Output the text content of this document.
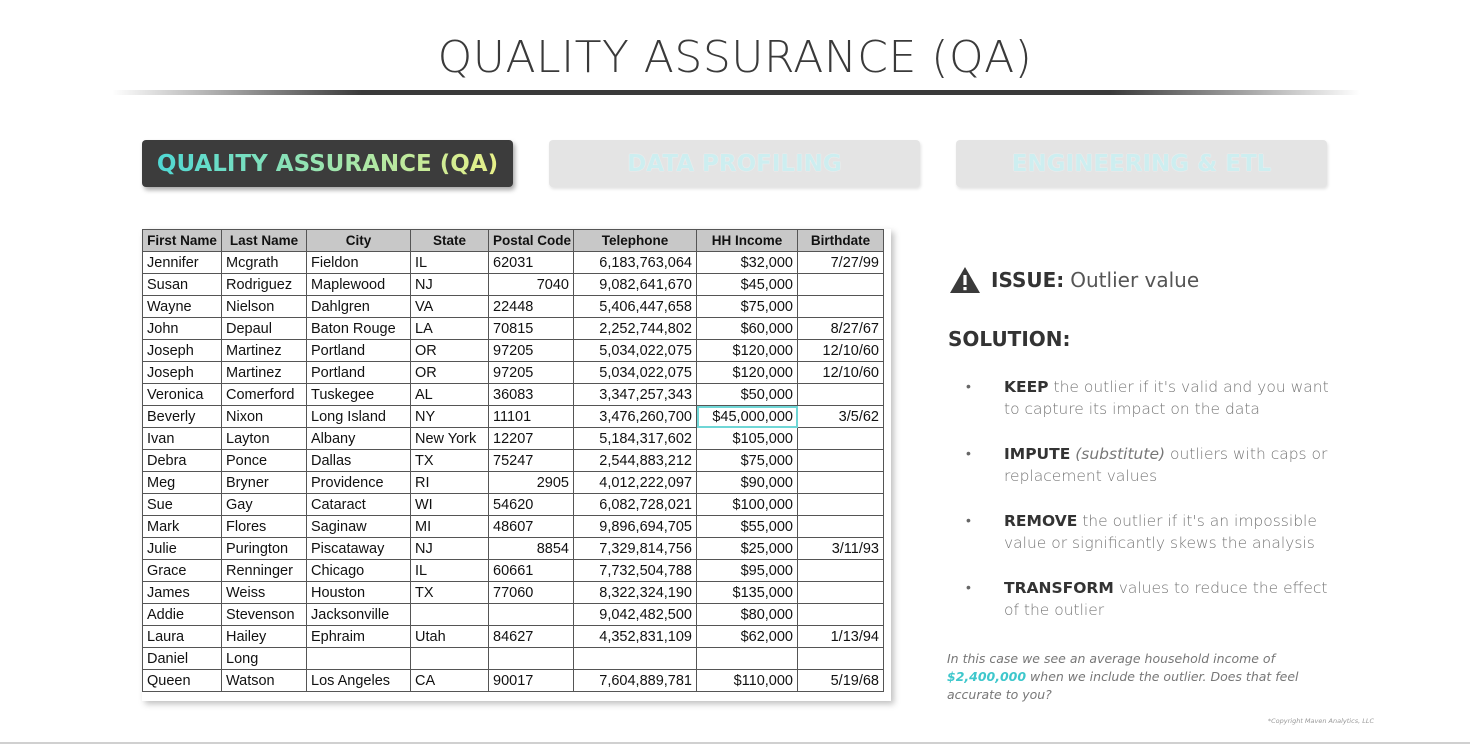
QUALITY ASSURANCE (QA)
QUALITY ASSURANCE (QA)	DATA PROFILING	ENGINEERING & ETL
First Name	Last Name	City	State	Postal Code	Telephone	HH Income	Birthdate
Jennifer	Mcgrath	Fieldon	IL	62031	6,183,763,064	$32,000	7/27/99
Susan	Rodriguez	Maplewood	NJ	7040	9,082,641,670	$45,000	
Wayne	Nielson	Dahlgren	VA	22448	5,406,447,658	$75,000	
John	Depaul	Baton Rouge	LA	70815	2,252,744,802	$60,000	8/27/67
Joseph	Martinez	Portland	OR	97205	5,034,022,075	$120,000	12/10/60
Joseph	Martinez	Portland	OR	97205	5,034,022,075	$120,000	12/10/60
Veronica	Comerford	Tuskegee	AL	36083	3,347,257,343	$50,000	
Beverly	Nixon	Long Island	NY	11101	3,476,260,700	$45,000,000	3/5/62
Ivan	Layton	Albany	New York	12207	5,184,317,602	$105,000	
Debra	Ponce	Dallas	TX	75247	2,544,883,212	$75,000	
Meg	Bryner	Providence	RI	2905	4,012,222,097	$90,000	
Sue	Gay	Cataract	WI	54620	6,082,728,021	$100,000	
Mark	Flores	Saginaw	MI	48607	9,896,694,705	$55,000	
Julie	Purington	Piscataway	NJ	8854	7,329,814,756	$25,000	3/11/93
Grace	Renninger	Chicago	IL	60661	7,732,504,788	$95,000	
James	Weiss	Houston	TX	77060	8,322,324,190	$135,000	
Addie	Stevenson	Jacksonville			9,042,482,500	$80,000	
Laura	Hailey	Ephraim	Utah	84627	4,352,831,109	$62,000	1/13/94
Daniel	Long						
Queen	Watson	Los Angeles	CA	90017	7,604,889,781	$110,000	5/19/68
ISSUE: Outlier value
SOLUTION:
• KEEP the outlier if it's valid and you want to capture its impact on the data
• IMPUTE (substitute) outliers with caps or replacement values
• REMOVE the outlier if it's an impossible value or significantly skews the analysis
• TRANSFORM values to reduce the effect of the outlier
In this case we see an average household income of $2,400,000 when we include the outlier. Does that feel accurate to you?
*Copyright Maven Analytics, LLC
